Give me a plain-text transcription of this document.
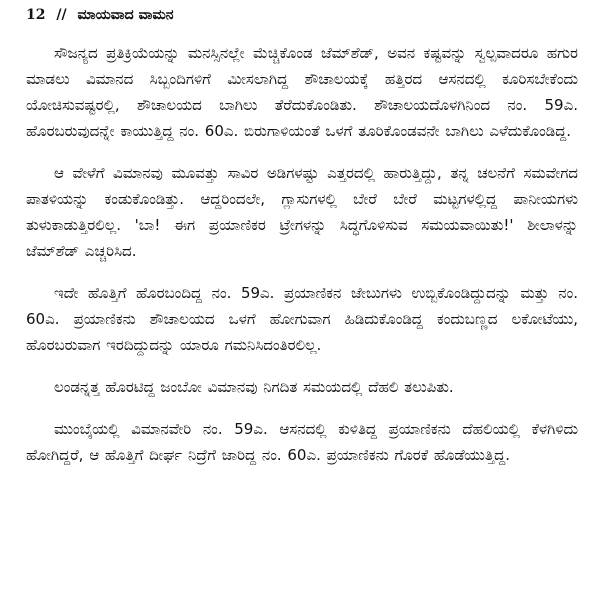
12 // ಮಾಯವಾದ ವಾಮನ

ಸೌಜನ್ಯದ ಪ್ರತಿಕ್ರಿಯೆಯನ್ನು ಮನಸ್ಸಿನಲ್ಲೇ ಮೆಚ್ಚಿಕೊಂಡ ಜೆಮ್‌ಶೆಡ್, ಅವನ ಕಷ್ಟವನ್ನು ಸ್ವಲ್ಪವಾದರೂ ಹಗುರ ಮಾಡಲು ವಿಮಾನದ ಸಿಬ್ಬಂದಿಗಳಿಗೆ ಮೀಸಲಾಗಿದ್ದ ಶೌಚಾಲಯಕ್ಕೆ ಹತ್ತಿರದ ಆಸನದಲ್ಲಿ ಕೂರಿಸಬೇಕೆಂದು ಯೋಚಿಸುವಷ್ಟರಲ್ಲಿ, ಶೌಚಾಲಯದ ಬಾಗಿಲು ತೆರೆದುಕೊಂಡಿತು. ಶೌಚಾಲಯದೊಳಗಿನಿಂದ ನಂ. 59ಎ. ಹೊರಬರುವುದನ್ನೇ ಕಾಯುತ್ತಿದ್ದ ನಂ. 60ಎ. ಬಿರುಗಾಳಿಯಂತೆ ಒಳಗೆ ತೂರಿಕೊಂಡವನೇ ಬಾಗಿಲು ಎಳೆದುಕೊಂಡಿದ್ದ.

ಆ ವೇಳೆಗೆ ವಿಮಾನವು ಮೂವತ್ತು ಸಾವಿರ ಅಡಿಗಳಷ್ಟು ಎತ್ತರದಲ್ಲಿ ಹಾರುತ್ತಿದ್ದು, ತನ್ನ ಚಲನೆಗೆ ಸಮವೇಗದ ಪಾತಳಿಯನ್ನು ಕಂಡುಕೊಂಡಿತ್ತು. ಆದ್ದರಿಂದಲೇ, ಗ್ಲಾಸುಗಳಲ್ಲಿ ಬೇರೆ ಬೇರೆ ಮಟ್ಟಗಳಲ್ಲಿದ್ದ ಪಾನೀಯಗಳು ತುಳುಕಾಡುತ್ತಿರಲಿಲ್ಲ. 'ಬಾ! ಈಗ ಪ್ರಯಾಣಿಕರ ಟ್ರೇಗಳನ್ನು ಸಿದ್ಧಗೊಳಿಸುವ ಸಮಯವಾಯಿತು!' ಶೀಲಾಳನ್ನು ಜೆಮ್‌ಶೆಡ್ ಎಚ್ಚರಿಸಿದ.

ಇದೇ ಹೊತ್ತಿಗೆ ಹೊರಬಂದಿದ್ದ ನಂ. 59ಎ. ಪ್ರಯಾಣಿಕನ ಜೇಬುಗಳು ಉಬ್ಬಿಕೊಂಡಿದ್ದುದನ್ನು ಮತ್ತು ನಂ. 60ಎ. ಪ್ರಯಾಣಿಕನು ಶೌಚಾಲಯದ ಒಳಗೆ ಹೋಗುವಾಗ ಹಿಡಿದುಕೊಂಡಿದ್ದ ಕಂದುಬಣ್ಣದ ಲಕೋಟೆಯು, ಹೊರಬರುವಾಗ ಇರದಿದ್ದುದನ್ನು ಯಾರೂ ಗಮನಿಸಿದಂತಿರಲಿಲ್ಲ.

ಲಂಡನ್ನತ್ತ ಹೊರಟಿದ್ದ ಜಂಬೋ ವಿಮಾನವು ನಿಗದಿತ ಸಮಯದಲ್ಲಿ ದೆಹಲಿ ತಲುಪಿತು.

ಮುಂಬೈಯಲ್ಲಿ ವಿಮಾನವೇರಿ ನಂ. 59ಎ. ಆಸನದಲ್ಲಿ ಕುಳಿತಿದ್ದ ಪ್ರಯಾಣಿಕನು ದೆಹಲಿಯಲ್ಲಿ ಕೆಳಗಿಳಿದು ಹೋಗಿದ್ದರೆ, ಆ ಹೊತ್ತಿಗೆ ದೀರ್ಘ ನಿದ್ರೆಗೆ ಜಾರಿದ್ದ ನಂ. 60ಎ. ಪ್ರಯಾಣಿಕನು ಗೊರಕೆ ಹೊಡೆಯುತ್ತಿದ್ದ.
